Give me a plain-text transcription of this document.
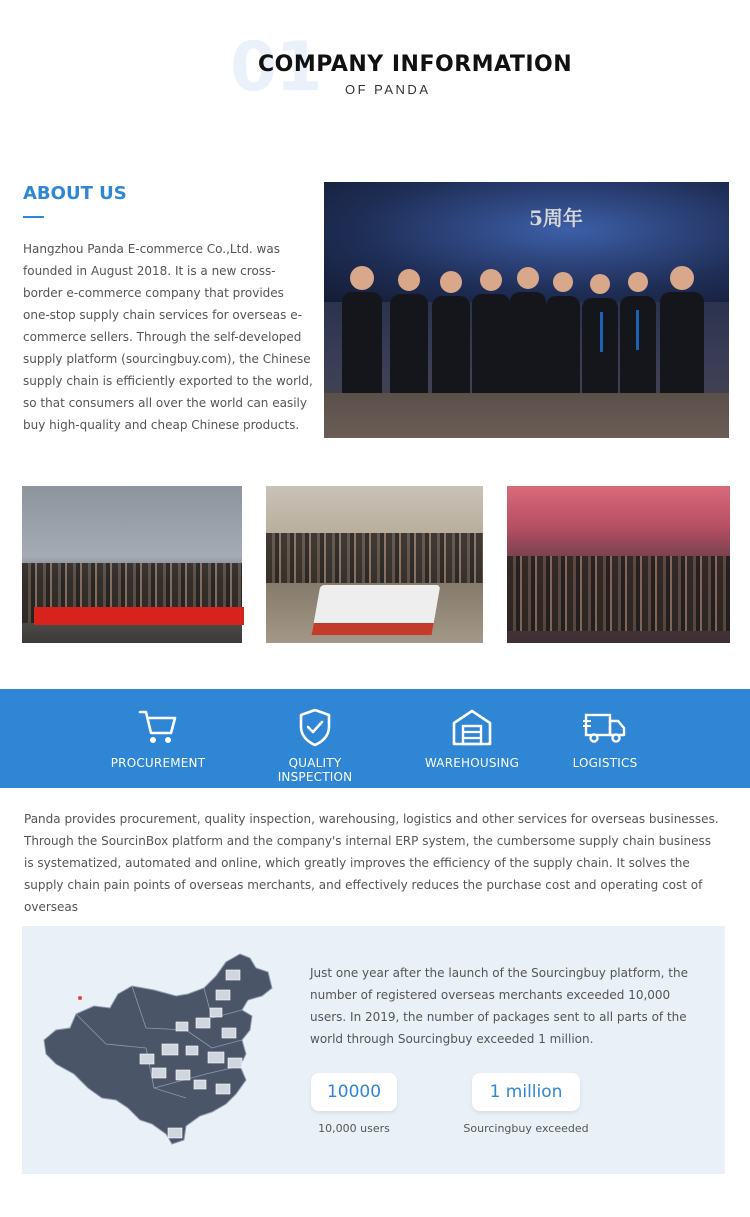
01
COMPANY INFORMATION
OF PANDA
ABOUT US
Hangzhou Panda E-commerce Co.,Ltd. was founded in August 2018. It is a new cross-border e-commerce company that provides one-stop supply chain services for overseas e-commerce sellers. Through the self-developed supply platform (sourcingbuy.com), the Chinese supply chain is efficiently exported to the world, so that consumers all over the world can easily buy high-quality and cheap Chinese products.
5周年
PROCUREMENT	QUALITY INSPECTION
WAREHOUSING	LOGISTICS
Panda provides procurement, quality inspection, warehousing, logistics and other services for overseas businesses. Through the SourcinBox platform and the company's internal ERP system, the cumbersome supply chain business is systematized, automated and online, which greatly improves the efficiency of the supply chain. It solves the supply chain pain points of overseas merchants, and effectively reduces the purchase cost and operating cost of overseas
Just one year after the launch of the Sourcingbuy platform, the number of registered overseas merchants exceeded 10,000 users. In 2019, the number of packages sent to all parts of the world through Sourcingbuy exceeded 1 million.
10000
10,000 users
1 million
Sourcingbuy exceeded
